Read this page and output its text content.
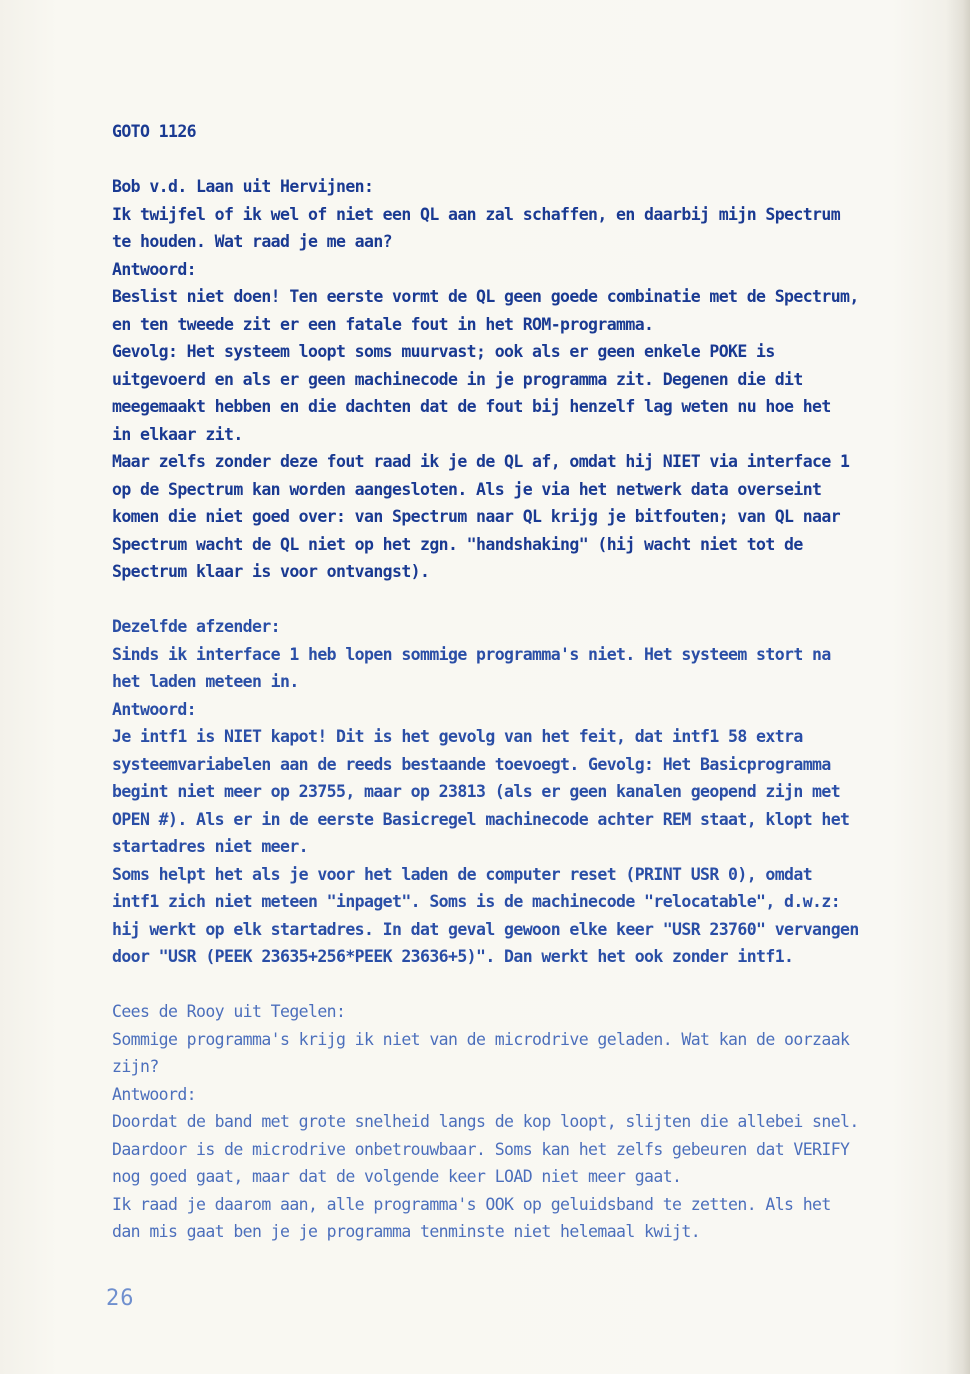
GOTO 1126
Bob v.d. Laan uit Hervijnen:
Ik twijfel of ik wel of niet een QL aan zal schaffen, en daarbij mijn Spectrum
te houden. Wat raad je me aan?
Antwoord:
Beslist niet doen! Ten eerste vormt de QL geen goede combinatie met de Spectrum,
en ten tweede zit er een fatale fout in het ROM-programma.
Gevolg: Het systeem loopt soms muurvast; ook als er geen enkele POKE is
uitgevoerd en als er geen machinecode in je programma zit. Degenen die dit
meegemaakt hebben en die dachten dat de fout bij henzelf lag weten nu hoe het
in elkaar zit.
Maar zelfs zonder deze fout raad ik je de QL af, omdat hij NIET via interface 1
op de Spectrum kan worden aangesloten. Als je via het netwerk data overseint
komen die niet goed over: van Spectrum naar QL krijg je bitfouten; van QL naar
Spectrum wacht de QL niet op het zgn. "handshaking" (hij wacht niet tot de
Spectrum klaar is voor ontvangst).
Dezelfde afzender:
Sinds ik interface 1 heb lopen sommige programma's niet. Het systeem stort na
het laden meteen in.
Antwoord:
Je intf1 is NIET kapot! Dit is het gevolg van het feit, dat intf1 58 extra
systeemvariabelen aan de reeds bestaande toevoegt. Gevolg: Het Basicprogramma
begint niet meer op 23755, maar op 23813 (als er geen kanalen geopend zijn met
OPEN #). Als er in de eerste Basicregel machinecode achter REM staat, klopt het
startadres niet meer.
Soms helpt het als je voor het laden de computer reset (PRINT USR 0), omdat
intf1 zich niet meteen "inpaget". Soms is de machinecode "relocatable", d.w.z:
hij werkt op elk startadres. In dat geval gewoon elke keer "USR 23760" vervangen
door "USR (PEEK 23635+256*PEEK 23636+5)". Dan werkt het ook zonder intf1.
Cees de Rooy uit Tegelen:
Sommige programma's krijg ik niet van de microdrive geladen. Wat kan de oorzaak
zijn?
Antwoord:
Doordat de band met grote snelheid langs de kop loopt, slijten die allebei snel.
Daardoor is de microdrive onbetrouwbaar. Soms kan het zelfs gebeuren dat VERIFY
nog goed gaat, maar dat de volgende keer LOAD niet meer gaat.
Ik raad je daarom aan, alle programma's OOK op geluidsband te zetten. Als het
dan mis gaat ben je je programma tenminste niet helemaal kwijt.
26
